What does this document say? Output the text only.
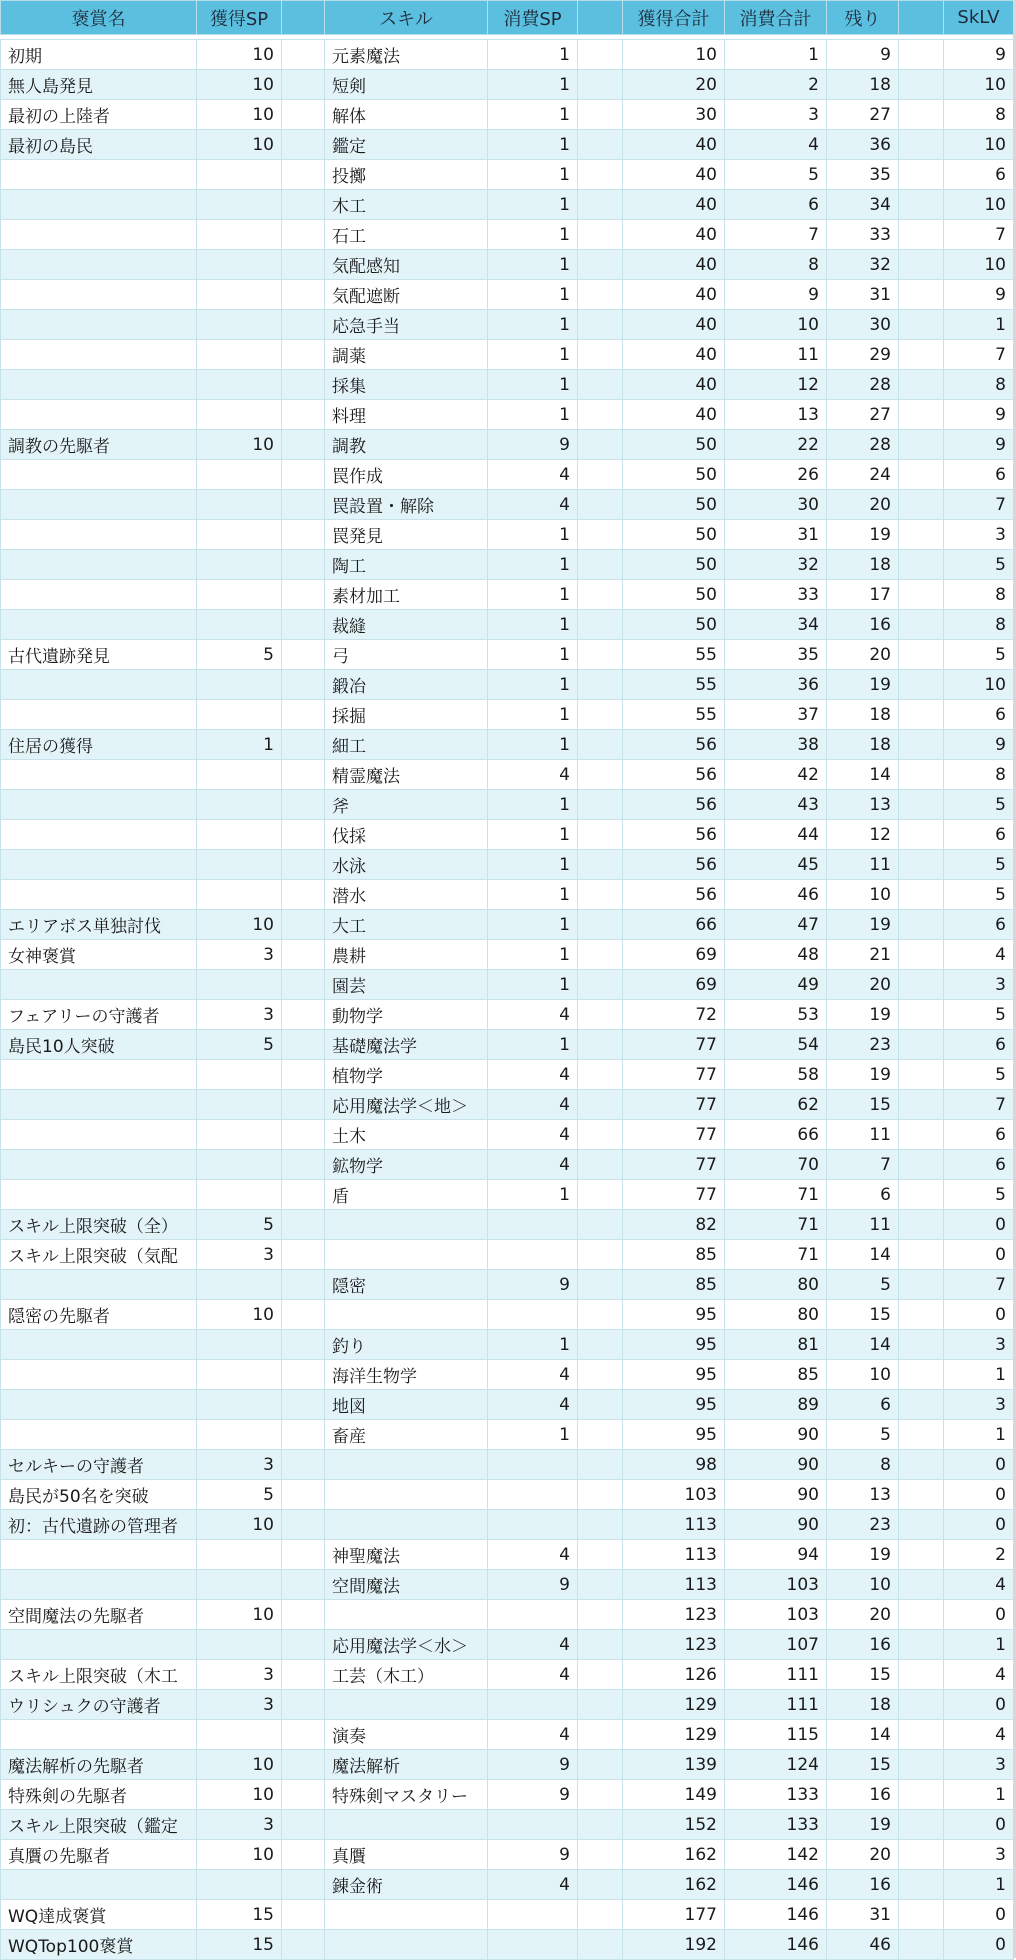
褒賞名	獲得SP		スキル	消費SP		獲得合計	消費合計	残り		SkLV

初期	10		元素魔法	1		10	1	9		9
無人島発見	10		短剣	1		20	2	18		10
最初の上陸者	10		解体	1		30	3	27		8
最初の島民	10		鑑定	1		40	4	36		10
			投擲	1		40	5	35		6
			木工	1		40	6	34		10
			石工	1		40	7	33		7
			気配感知	1		40	8	32		10
			気配遮断	1		40	9	31		9
			応急手当	1		40	10	30		1
			調薬	1		40	11	29		7
			採集	1		40	12	28		8
			料理	1		40	13	27		9
調教の先駆者	10		調教	9		50	22	28		9
			罠作成	4		50	26	24		6
			罠設置・解除	4		50	30	20		7
			罠発見	1		50	31	19		3
			陶工	1		50	32	18		5
			素材加工	1		50	33	17		8
			裁縫	1		50	34	16		8
古代遺跡発見	5		弓	1		55	35	20		5
			鍛冶	1		55	36	19		10
			採掘	1		55	37	18		6
住居の獲得	1		細工	1		56	38	18		9
			精霊魔法	4		56	42	14		8
			斧	1		56	43	13		5
			伐採	1		56	44	12		6
			水泳	1		56	45	11		5
			潜水	1		56	46	10		5
エリアボス単独討伐	10		大工	1		66	47	19		6
女神褒賞	3		農耕	1		69	48	21		4
			園芸	1		69	49	20		3
フェアリーの守護者	3		動物学	4		72	53	19		5
島民10人突破	5		基礎魔法学	1		77	54	23		6
			植物学	4		77	58	19		5
			応用魔法学＜地＞	4		77	62	15		7
			土木	4		77	66	11		6
			鉱物学	4		77	70	7		6
			盾	1		77	71	6		5
スキル上限突破（全）	5					82	71	11		0
スキル上限突破（気配	3					85	71	14		0
			隠密	9		85	80	5		7
隠密の先駆者	10					95	80	15		0
			釣り	1		95	81	14		3
			海洋生物学	4		95	85	10		1
			地図	4		95	89	6		3
			畜産	1		95	90	5		1
セルキーの守護者	3					98	90	8		0
島民が50名を突破	5					103	90	13		0
初：古代遺跡の管理者	10					113	90	23		0
			神聖魔法	4		113	94	19		2
			空間魔法	9		113	103	10		4
空間魔法の先駆者	10					123	103	20		0
			応用魔法学＜水＞	4		123	107	16		1
スキル上限突破（木工	3		工芸（木工）	4		126	111	15		4
ウリシュクの守護者	3					129	111	18		0
			演奏	4		129	115	14		4
魔法解析の先駆者	10		魔法解析	9		139	124	15		3
特殊剣の先駆者	10		特殊剣マスタリー	9		149	133	16		1
スキル上限突破（鑑定	3					152	133	19		0
真贋の先駆者	10		真贋	9		162	142	20		3
			錬金術	4		162	146	16		1
WQ達成褒賞	15					177	146	31		0
WQTop100褒賞	15					192	146	46		0
